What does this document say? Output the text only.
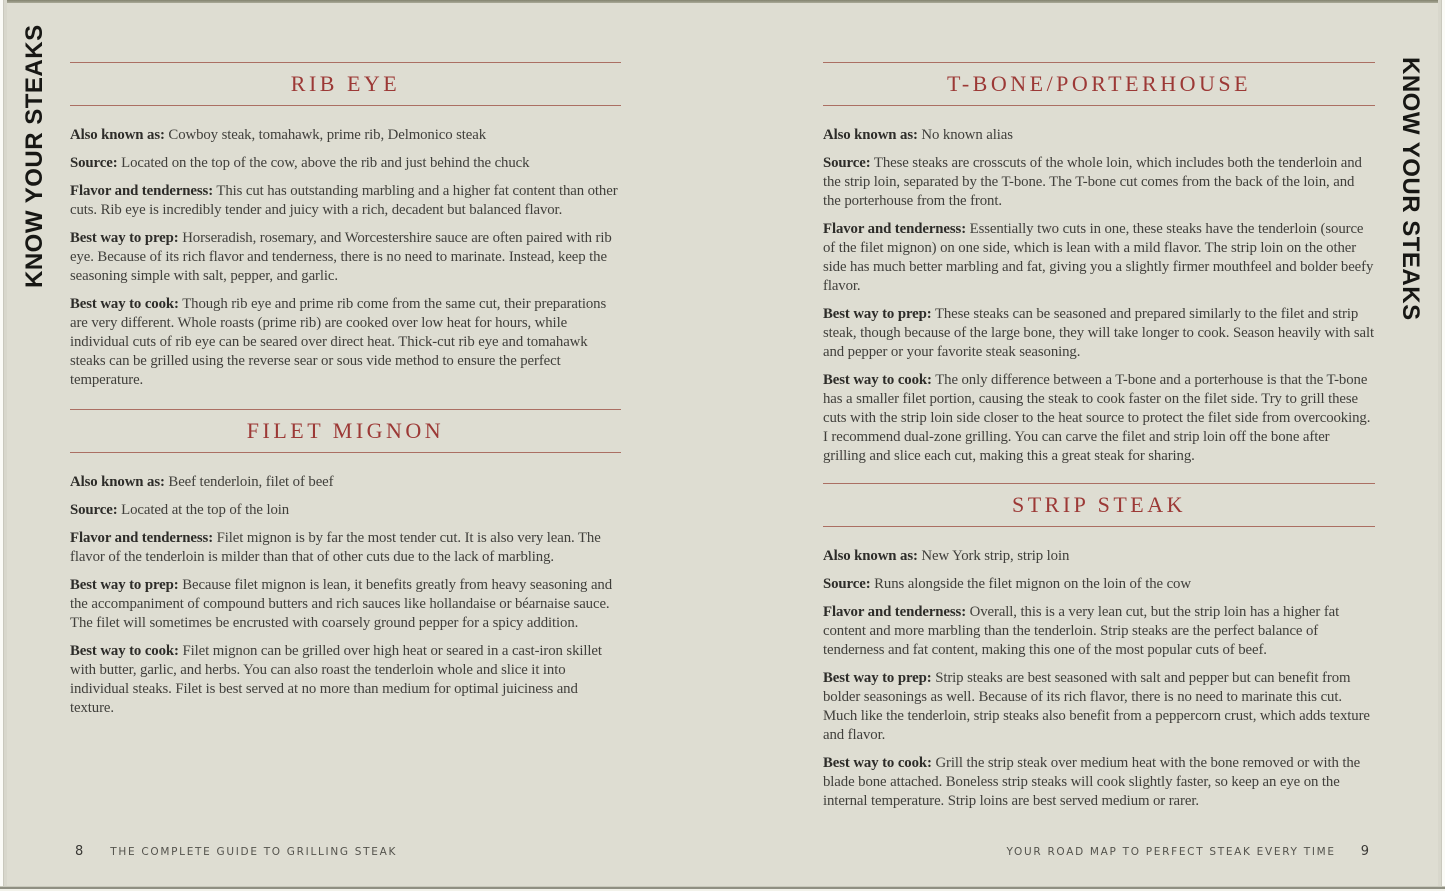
KNOW YOUR STEAKS	KNOW YOUR STEAKS
RIB EYE

Also known as: Cowboy steak, tomahawk, prime rib, Delmonico steak

Source: Located on the top of the cow, above the rib and just behind the chuck

Flavor and tenderness: This cut has outstanding marbling and a higher fat content than other cuts. Rib eye is incredibly tender and juicy with a rich, decadent but balanced flavor.

Best way to prep: Horseradish, rosemary, and Worcestershire sauce are often paired with rib eye. Because of its rich flavor and tenderness, there is no need to marinate. Instead, keep the seasoning simple with salt, pepper, and garlic.

Best way to cook: Though rib eye and prime rib come from the same cut, their preparations are very different. Whole roasts (prime rib) are cooked over low heat for hours, while individual cuts of rib eye can be seared over direct heat. Thick-cut rib eye and tomahawk steaks can be grilled using the reverse sear or sous vide method to ensure the perfect temperature.

FILET MIGNON

Also known as: Beef tenderloin, filet of beef

Source: Located at the top of the loin

Flavor and tenderness: Filet mignon is by far the most tender cut. It is also very lean. The flavor of the tenderloin is milder than that of other cuts due to the lack of marbling.

Best way to prep: Because filet mignon is lean, it benefits greatly from heavy seasoning and the accompaniment of compound butters and rich sauces like hollandaise or béarnaise sauce. The filet will sometimes be encrusted with coarsely ground pepper for a spicy addition.

Best way to cook: Filet mignon can be grilled over high heat or seared in a cast-iron skillet with butter, garlic, and herbs. You can also roast the tenderloin whole and slice it into individual steaks. Filet is best served at no more than medium for optimal juiciness and texture.

T-BONE/PORTERHOUSE

Also known as: No known alias

Source: These steaks are crosscuts of the whole loin, which includes both the tenderloin and the strip loin, separated by the T-bone. The T-bone cut comes from the back of the loin, and the porterhouse from the front.

Flavor and tenderness: Essentially two cuts in one, these steaks have the tenderloin (source of the filet mignon) on one side, which is lean with a mild flavor. The strip loin on the other side has much better marbling and fat, giving you a slightly firmer mouthfeel and bolder beefy flavor.

Best way to prep: These steaks can be seasoned and prepared similarly to the filet and strip steak, though because of the large bone, they will take longer to cook. Season heavily with salt and pepper or your favorite steak seasoning.

Best way to cook: The only difference between a T-bone and a porterhouse is that the T-bone has a smaller filet portion, causing the steak to cook faster on the filet side. Try to grill these cuts with the strip loin side closer to the heat source to protect the filet side from overcooking. I recommend dual-zone grilling. You can carve the filet and strip loin off the bone after grilling and slice each cut, making this a great steak for sharing.

STRIP STEAK

Also known as: New York strip, strip loin

Source: Runs alongside the filet mignon on the loin of the cow

Flavor and tenderness: Overall, this is a very lean cut, but the strip loin has a higher fat content and more marbling than the tenderloin. Strip steaks are the perfect balance of tenderness and fat content, making this one of the most popular cuts of beef.

Best way to prep: Strip steaks are best seasoned with salt and pepper but can benefit from bolder seasonings as well. Because of its rich flavor, there is no need to marinate this cut. Much like the tenderloin, strip steaks also benefit from a peppercorn crust, which adds texture and flavor.

Best way to cook: Grill the strip steak over medium heat with the bone removed or with the blade bone attached. Boneless strip steaks will cook slightly faster, so keep an eye on the internal temperature. Strip loins are best served medium or rarer.

8	THE COMPLETE GUIDE TO GRILLING STEAK	YOUR ROAD MAP TO PERFECT STEAK EVERY TIME 9
